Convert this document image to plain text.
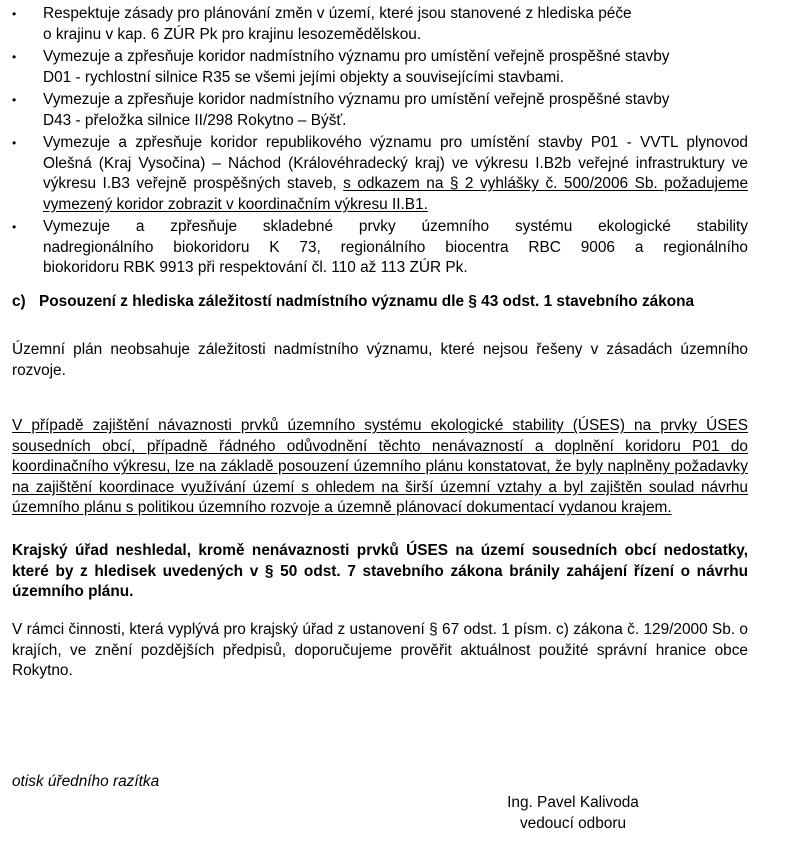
• Respektuje zásady pro plánování změn v území, které jsou stanovené z hlediska péče
o krajinu v kap. 6 ZÚR Pk pro krajinu lesozemědělskou.
• Vymezuje a zpřesňuje koridor nadmístního významu pro umístění veřejně prospěšné stavby
D01 - rychlostní silnice R35 se všemi jejími objekty a souvisejícími stavbami.
• Vymezuje a zpřesňuje koridor nadmístního významu pro umístění veřejně prospěšné stavby
D43 - přeložka silnice II/298 Rokytno – Býšť.
• Vymezuje a zpřesňuje koridor republikového významu pro umístění stavby P01 - VVTL plynovod Olešná (Kraj Vysočina) – Náchod (Královéhradecký kraj) ve výkresu I.B2b veřejné infrastruktury ve výkresu I.B3 veřejně prospěšných staveb, s odkazem na § 2 vyhlášky č. 500/2006 Sb. požadujeme vymezený koridor zobrazit v koordinačním výkresu II.B1.
• Vymezuje a zpřesňuje skladebné prvky územního systému ekologické stability
nadregionálního biokoridoru K 73, regionálního biocentra RBC 9006 a regionálního
biokoridoru RBK 9913 při respektování čl. 110 až 113 ZÚR Pk.
c) Posouzení z hlediska záležitostí nadmístního významu dle § 43 odst. 1 stavebního zákona
Územní plán neobsahuje záležitosti nadmístního významu, které nejsou řešeny v zásadách územního rozvoje.
V případě zajištění návaznosti prvků územního systému ekologické stability (ÚSES) na prvky ÚSES sousedních obcí, případně řádného odůvodnění těchto nenávazností a doplnění koridoru P01 do koordinačního výkresu, lze na základě posouzení územního plánu konstatovat, že byly naplněny požadavky na zajištění koordinace využívání území s ohledem na širší územní vztahy a byl zajištěn soulad návrhu územního plánu s politikou územního rozvoje a územně plánovací dokumentací vydanou krajem.
Krajský úřad neshledal, kromě nenávaznosti prvků ÚSES na území sousedních obcí nedostatky, které by z hledisek uvedených v § 50 odst. 7 stavebního zákona bránily zahájení řízení o návrhu územního plánu.
V rámci činnosti, která vyplývá pro krajský úřad z ustanovení § 67 odst. 1 písm. c) zákona č. 129/2000 Sb. o krajích, ve znění pozdějších předpisů, doporučujeme prověřit aktuálnost použité správní hranice obce Rokytno.
otisk úředního razítka
Ing. Pavel Kalivoda
vedoucí odboru
